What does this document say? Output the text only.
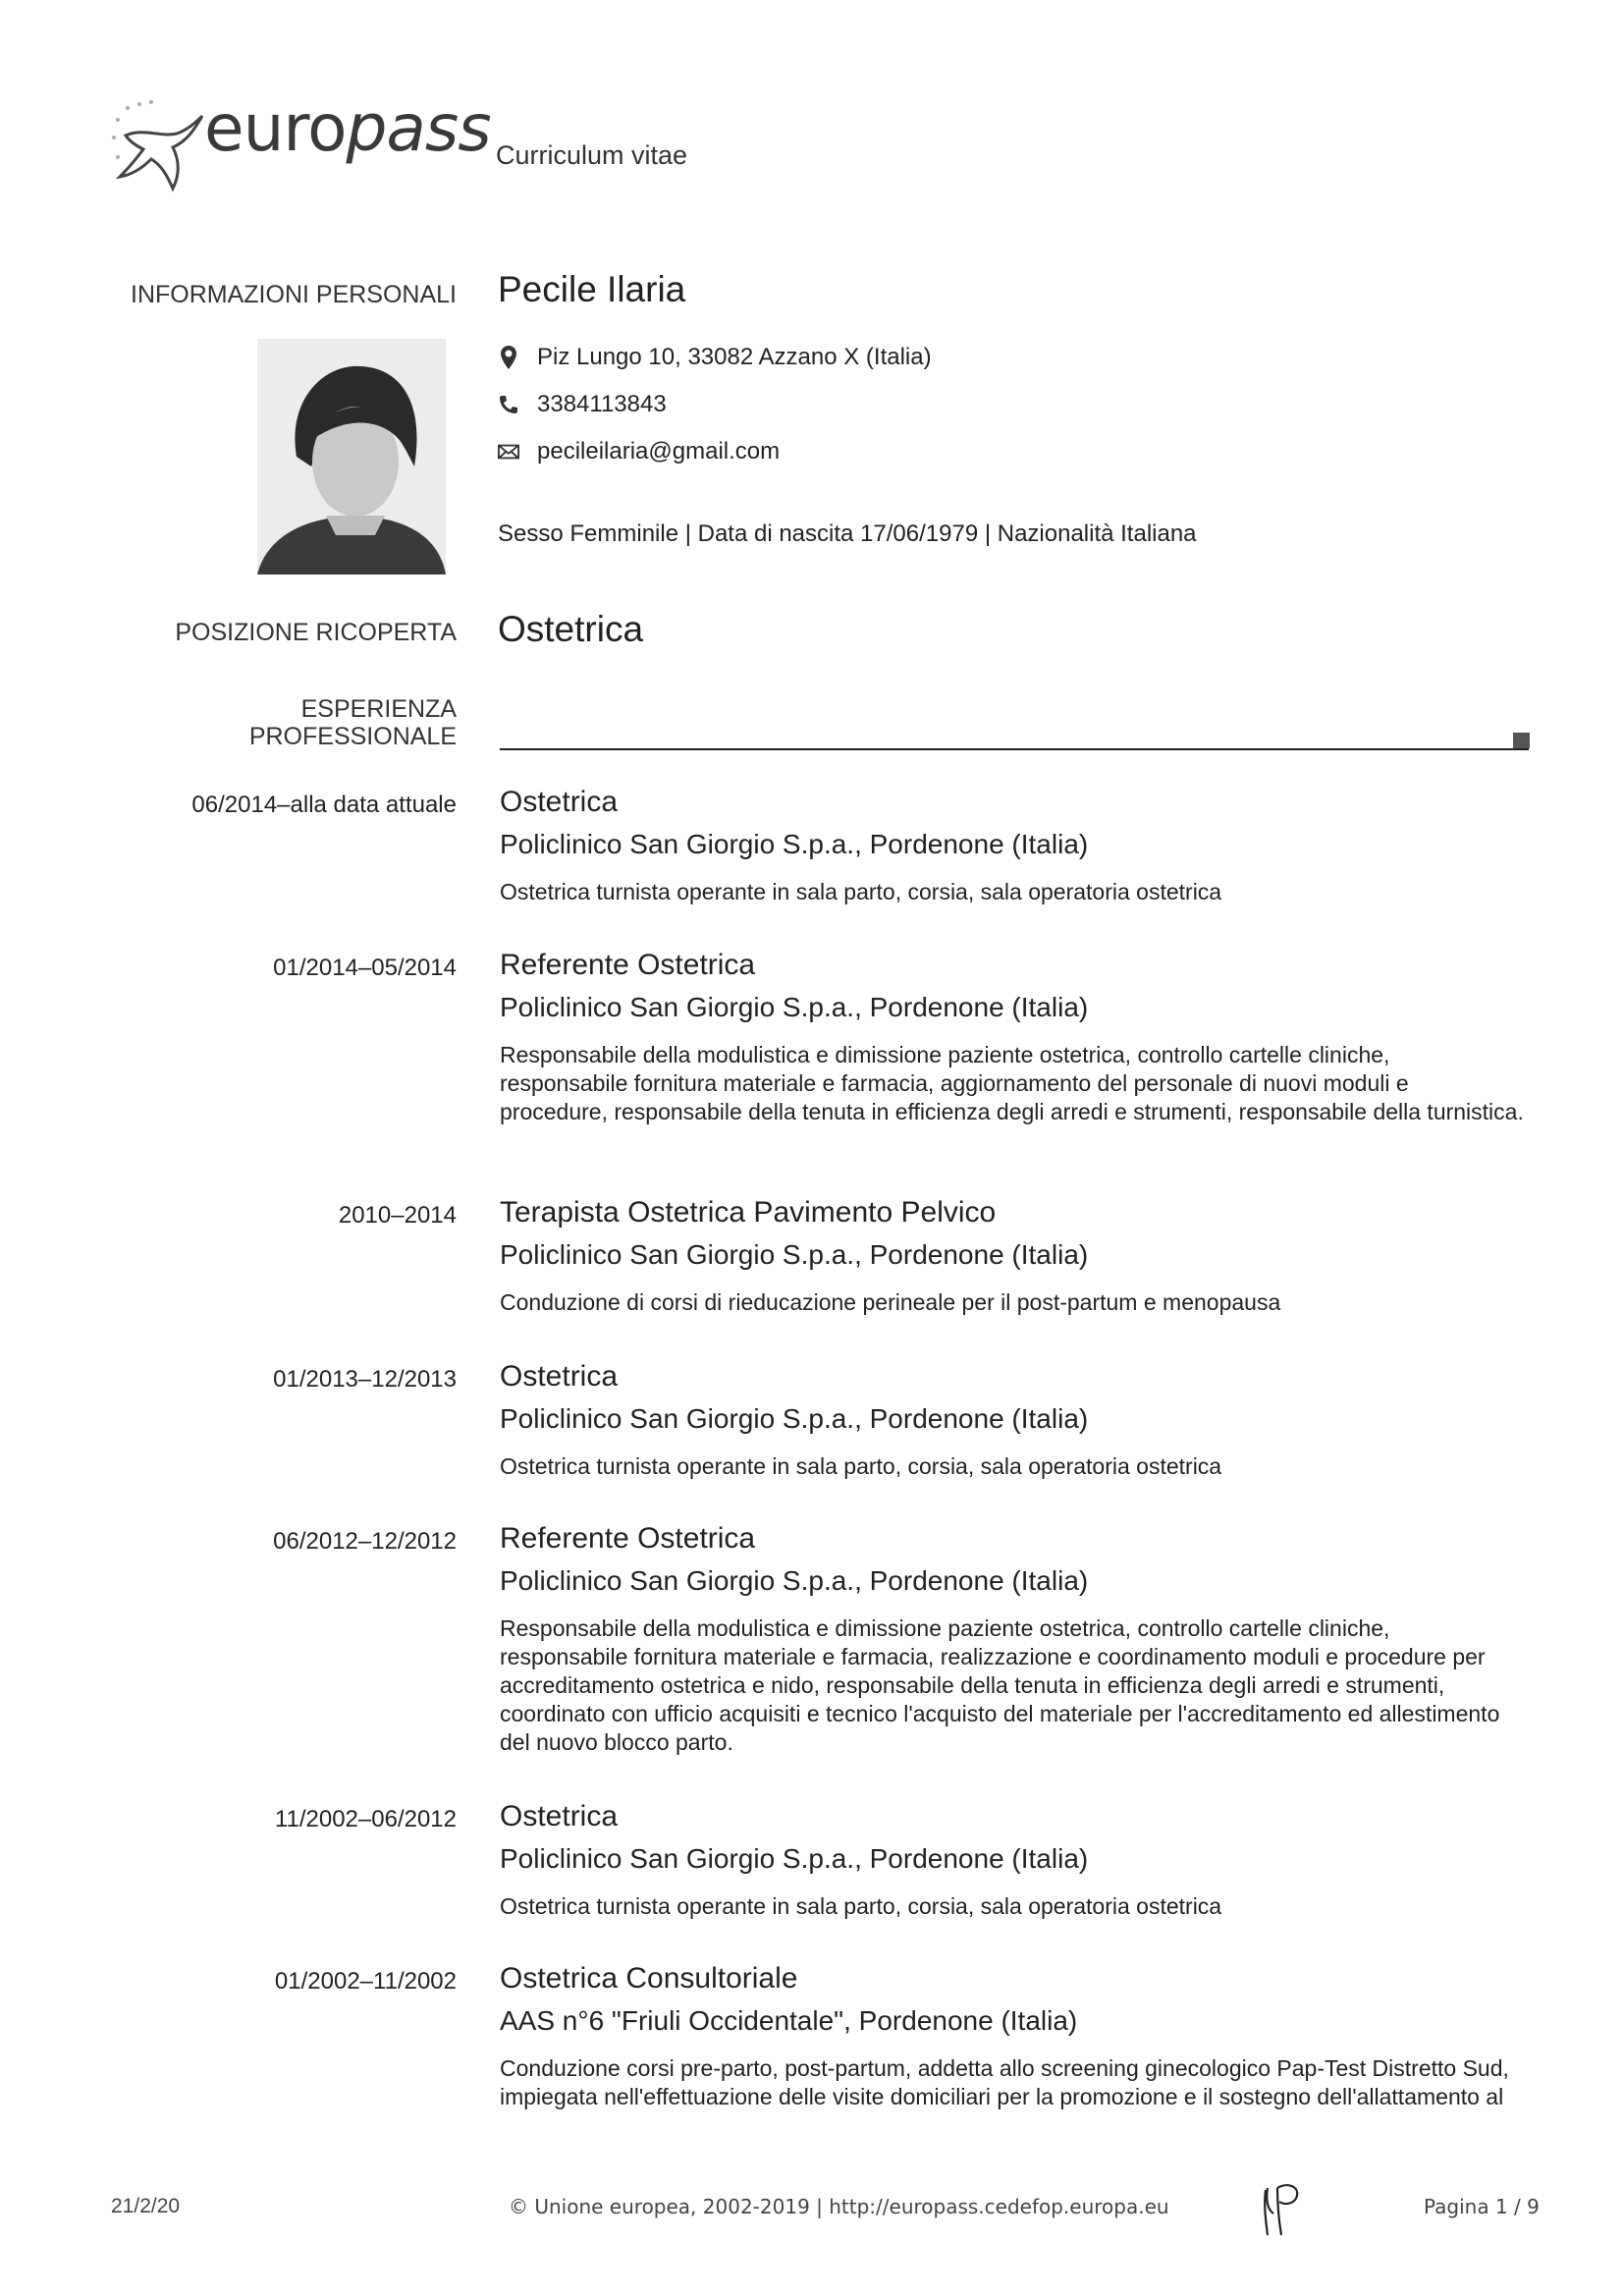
europass Curriculum vitae
INFORMAZIONI PERSONALI Pecile Ilaria
Piz Lungo 10, 33082 Azzano X (Italia)
3384113843
pecileilaria@gmail.com
Sesso Femminile | Data di nascita 17/06/1979 | Nazionalità Italiana
POSIZIONE RICOPERTA Ostetrica
ESPERIENZA
PROFESSIONALE
06/2014–alla data attuale Ostetrica
Policlinico San Giorgio S.p.a., Pordenone (Italia)
Ostetrica turnista operante in sala parto, corsia, sala operatoria ostetrica
01/2014–05/2014 Referente Ostetrica
Policlinico San Giorgio S.p.a., Pordenone (Italia)
Responsabile della modulistica e dimissione paziente ostetrica, controllo cartelle cliniche,
responsabile fornitura materiale e farmacia, aggiornamento del personale di nuovi moduli e
procedure, responsabile della tenuta in efficienza degli arredi e strumenti, responsabile della turnistica.
2010–2014 Terapista Ostetrica Pavimento Pelvico
Policlinico San Giorgio S.p.a., Pordenone (Italia)
Conduzione di corsi di rieducazione perineale per il post-partum e menopausa
01/2013–12/2013 Ostetrica
Policlinico San Giorgio S.p.a., Pordenone (Italia)
Ostetrica turnista operante in sala parto, corsia, sala operatoria ostetrica
06/2012–12/2012 Referente Ostetrica
Policlinico San Giorgio S.p.a., Pordenone (Italia)
Responsabile della modulistica e dimissione paziente ostetrica, controllo cartelle cliniche,
responsabile fornitura materiale e farmacia, realizzazione e coordinamento moduli e procedure per
accreditamento ostetrica e nido, responsabile della tenuta in efficienza degli arredi e strumenti,
coordinato con ufficio acquisiti e tecnico l'acquisto del materiale per l'accreditamento ed allestimento
del nuovo blocco parto.
11/2002–06/2012 Ostetrica
Policlinico San Giorgio S.p.a., Pordenone (Italia)
Ostetrica turnista operante in sala parto, corsia, sala operatoria ostetrica
01/2002–11/2002 Ostetrica Consultoriale
AAS n°6 "Friuli Occidentale", Pordenone (Italia)
Conduzione corsi pre-parto, post-partum, addetta allo screening ginecologico Pap-Test Distretto Sud,
impiegata nell'effettuazione delle visite domiciliari per la promozione e il sostegno dell'allattamento al
21/2/20	© Unione europea, 2002-2019 | http://europass.cedefop.europa.eu	Pagina 1 / 9
